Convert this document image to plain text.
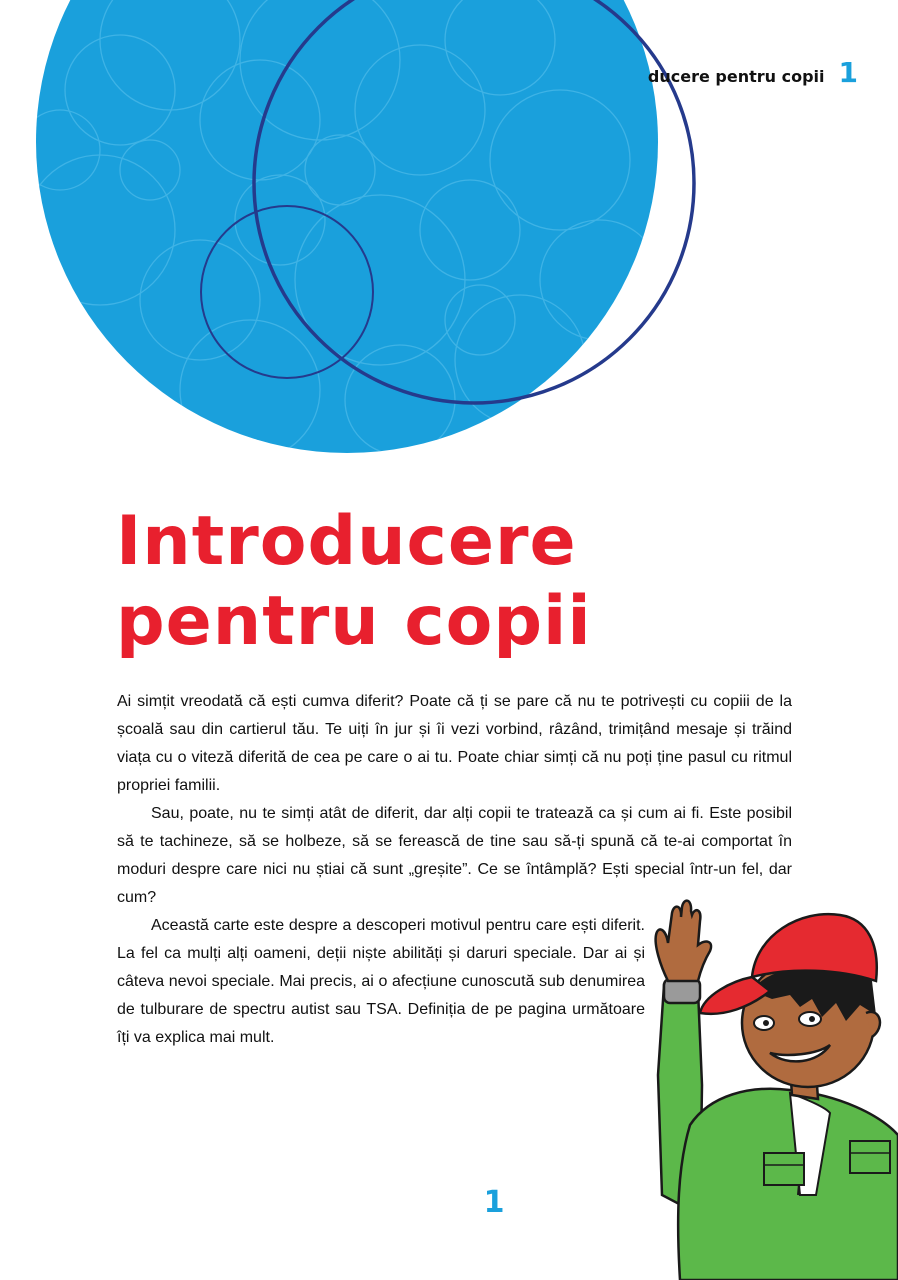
ducere pentru copii 1
Introducere
pentru copii

Ai simțit vreodată că ești cumva diferit? Poate că ți se pare că nu te potrivești cu copiii de la școală sau din cartierul tău. Te uiți în jur și îi vezi vorbind, râzând, trimițând mesaje și trăind viața cu o viteză diferită de cea pe care o ai tu. Poate chiar simți că nu poți ține pasul cu ritmul propriei familii.

Sau, poate, nu te simți atât de diferit, dar alți copii te tratează ca și cum ai fi. Este posibil să te tachineze, să se holbeze, să se ferească de tine sau să-ți spună că te-ai comportat în moduri despre care nici nu știai că sunt „greșite”. Ce se întâmplă? Ești special într-un fel, dar cum?

Această carte este despre a descoperi motivul pentru care ești diferit. La fel ca mulți alți oameni, deții niște abilități și daruri speciale. Dar ai și câteva nevoi speciale. Mai precis, ai o afecțiune cunoscută sub denumirea de tulburare de spectru autist sau TSA. Definiția de pe pagina următoare îți va explica mai mult.

1
